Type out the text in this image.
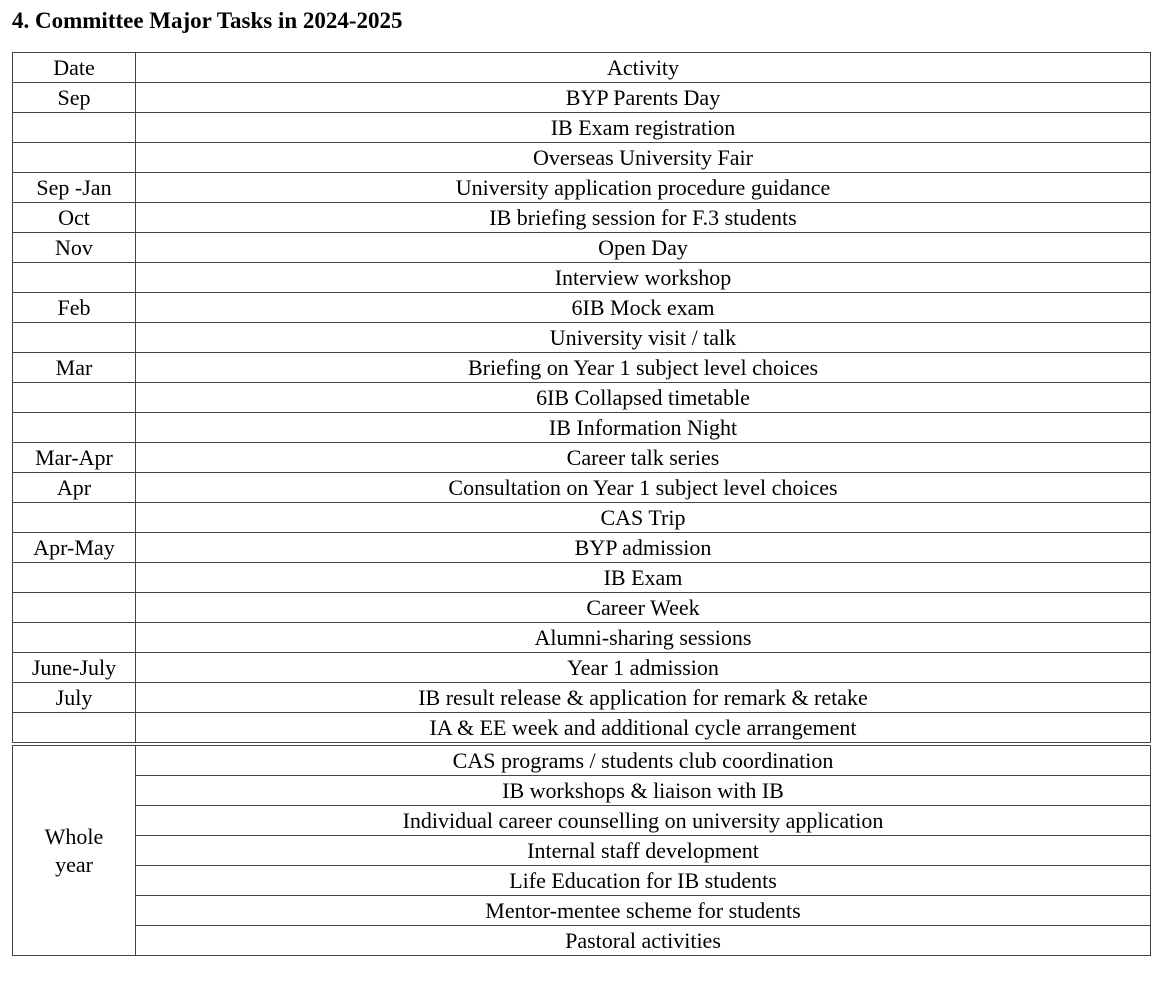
4. Committee Major Tasks in 2024-2025
Date	Activity
Sep	BYP Parents Day
	IB Exam registration
	Overseas University Fair
Sep -Jan	University application procedure guidance
Oct	IB briefing session for F.3 students
Nov	Open Day
	Interview workshop
Feb	6IB Mock exam
	University visit / talk
Mar	Briefing on Year 1 subject level choices
	6IB Collapsed timetable
	IB Information Night
Mar-Apr	Career talk series
Apr	Consultation on Year 1 subject level choices
	CAS Trip
Apr-May	BYP admission
	IB Exam
	Career Week
	Alumni-sharing sessions
June-July	Year 1 admission
July	IB result release & application for remark & retake
	IA & EE week and additional cycle arrangement
Whole
year	CAS programs / students club coordination
	IB workshops & liaison with IB
	Individual career counselling on university application
	Internal staff development
	Life Education for IB students
	Mentor-mentee scheme for students
	Pastoral activities
